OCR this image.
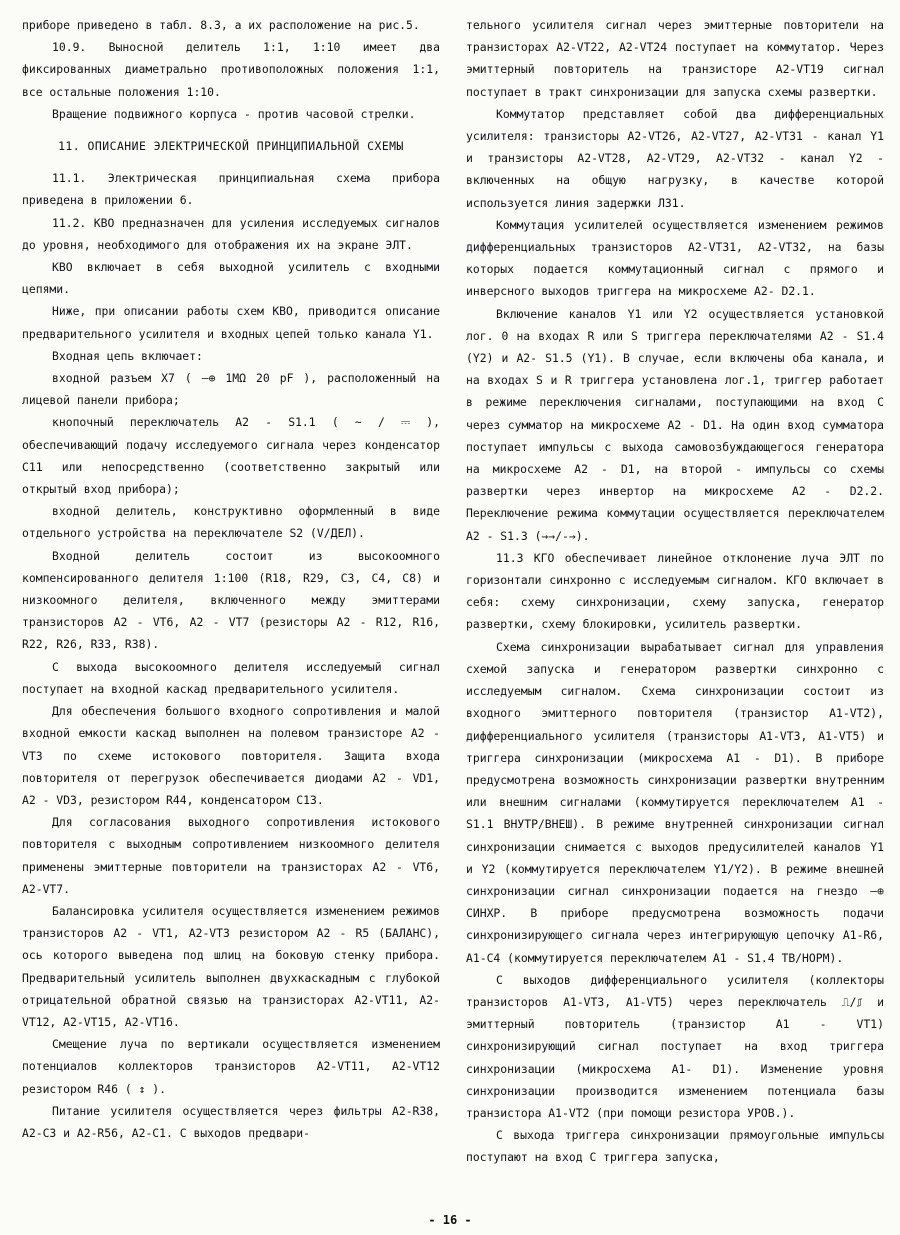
приборе приведено в табл. 8.3, а их расположение на рис.5.

10.9. Выносной делитель 1:1, 1:10 имеет два фиксированных диаметрально противоположных положения 1:1, все остальные положения 1:10.

Вращение подвижного корпуса - против часовой стрелки.

11. ОПИСАНИЕ ЭЛЕКТРИЧЕСКОЙ ПРИНЦИПИАЛЬНОЙ СХЕМЫ

11.1. Электрическая принципиальная схема прибора приведена в приложении 6.

11.2. КВО предназначен для усиления исследуемых сигналов до уровня, необходимого для отображения их на экране ЭЛТ.

КВО включает в себя выходной усилитель с входными цепями.

Ниже, при описании работы схем КВО, приводится описание предварительного усилителя и входных цепей только канала Y1.

Входная цепь включает:

входной разъем Х7 ( —⊕ 1МΩ 20 pF ), расположенный на лицевой панели прибора;

кнопочный переключатель А2 - S1.1 ( ~ / ⎓ ), обеспечивающий подачу исследуемого сигнала через конденсатор С11 или непосредственно (соответственно закрытый или открытый вход прибора);

входной делитель, конструктивно оформленный в виде отдельного устройства на переключателе S2 (V/ДЕЛ).

Входной делитель состоит из высокоомного компенсированного делителя 1:100 (R18, R29, С3, С4, С8) и низкоомного делителя, включенного между эмиттерами транзисторов А2 - VT6, А2 - VT7 (резисторы А2 - R12, R16, R22, R26, R33, R38).

С выхода высокоомного делителя исследуемый сигнал поступает на входной каскад предварительного усилителя.

Для обеспечения большого входного сопротивления и малой входной емкости каскад выполнен на полевом транзисторе А2 - VT3 по схеме истокового повторителя. Защита входа повторителя от перегрузок обеспечивается диодами А2 - VD1, А2 - VD3, резистором R44, конденсатором С13.

Для согласования выходного сопротивления истокового повторителя с выходным сопротивлением низкоомного делителя применены эмиттерные повторители на транзисторах А2 - VT6, А2-VT7.

Балансировка усилителя осуществляется изменением режимов транзисторов А2 - VT1, А2-VT3 резистором А2 - R5 (БАЛАНС), ось которого выведена под шлиц на боковую стенку прибора. Предварительный усилитель выполнен двухкаскадным с глубокой отрицательной обратной связью на транзисторах А2-VT11, А2-VT12, А2-VT15, А2-VT16.

Смещение луча по вертикали осуществляется изменением потенциалов коллекторов транзисторов А2-VT11, А2-VT12 резистором R46 ( ↕ ).

Питание усилителя осуществляется через фильтры А2-R38, А2-С3 и А2-R56, А2-С1. С выходов предвари-

тельного усилителя сигнал через эмиттерные повторители на транзисторах А2-VT22, А2-VT24 поступает на коммутатор. Через эмиттерный повторитель на транзисторе А2-VT19 сигнал поступает в тракт синхронизации для запуска схемы развертки.

Коммутатор представляет собой два дифференциальных усилителя: транзисторы А2-VT26, А2-VT27, А2-VT31 - канал Y1 и транзисторы А2-VT28, А2-VT29, А2-VT32 - канал Y2 - включенных на общую нагрузку, в качестве которой используется линия задержки ЛЗ1.

Коммутация усилителей осуществляется изменением режимов дифференциальных транзисторов А2-VT31, А2-VT32, на базы которых подается коммутационный сигнал с прямого и инверсного выходов триггера на микросхеме А2- D2.1.

Включение каналов Y1 или Y2 осуществляется установкой лог. 0 на входах R или S триггера переключателями А2 - S1.4 (Y2) и А2- S1.5 (Y1). В случае, если включены оба канала, и на входах S и R триггера установлена лог.1, триггер работает в режиме переключения сигналами, поступающими на вход С через сумматор на микросхеме А2 - D1. На один вход сумматора поступает импульсы с выхода самовозбуждающегося генератора на микросхеме А2 - D1, на второй - импульсы со схемы развертки через инвертор на микросхеме А2 - D2.2. Переключение режима коммутации осуществляется переключателем А2 - S1.3 (→→/-→).

11.3 КГО обеспечивает линейное отклонение луча ЭЛТ по горизонтали синхронно с исследуемым сигналом. КГО включает в себя: схему синхронизации, схему запуска, генератор развертки, схему блокировки, усилитель развертки.

Схема синхронизации вырабатывает сигнал для управления схемой запуска и генератором развертки синхронно с исследуемым сигналом. Схема синхронизации состоит из входного эмиттерного повторителя (транзистор А1-VT2), дифференциального усилителя (транзисторы А1-VT3, А1-VT5) и триггера синхронизации (микросхема А1 - D1). В приборе предусмотрена возможность синхронизации развертки внутренним или внешним сигналами (коммутируется переключателем А1 - S1.1 ВНУТР/ВНЕШ). В режиме внутренней синхронизации сигнал синхронизации снимается с выходов предусилителей каналов Y1 и Y2 (коммутируется переключателем Y1/Y2). В режиме внешней синхронизации сигнал синхронизации подается на гнездо —⊕ СИНХР. В приборе предусмотрена возможность подачи синхронизирующего сигнала через интегрирующую цепочку А1-R6, А1-С4 (коммутируется переключателем А1 - S1.4 ТВ/НОРМ).

С выходов дифференциального усилителя (коллекторы транзисторов А1-VT3, А1-VT5) через переключатель ⎍/⎎ и эмиттерный повторитель (транзистор А1 - VT1) синхронизирующий сигнал поступает на вход триггера синхронизации (микросхема А1- D1). Изменение уровня синхронизации производится изменением потенциала базы транзистора А1-VT2 (при помощи резистора УРОВ.).

С выхода триггера синхронизации прямоугольные импульсы поступают на вход С триггера запуска,

- 16 -
